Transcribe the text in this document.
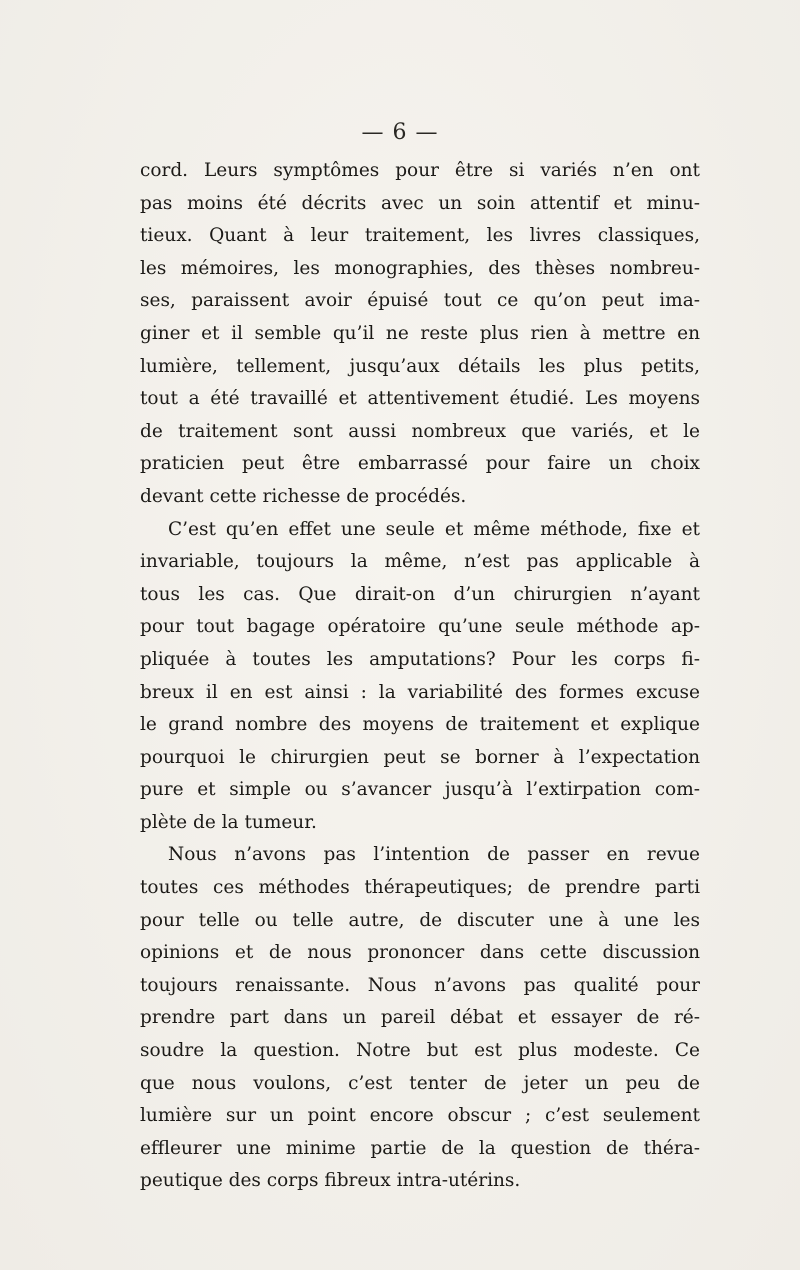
— 6 —
cord. Leurs symptômes pour être si variés n’en ont
pas moins été décrits avec un soin attentif et minu-
tieux. Quant à leur traitement, les livres classiques,
les mémoires, les monographies, des thèses nombreu-
ses, paraissent avoir épuisé tout ce qu’on peut ima-
giner et il semble qu’il ne reste plus rien à mettre en
lumière, tellement, jusqu’aux détails les plus petits,
tout a été travaillé et attentivement étudié. Les moyens
de traitement sont aussi nombreux que variés, et le
praticien peut être embarrassé pour faire un choix
devant cette richesse de procédés.
C’est qu’en effet une seule et même méthode, fixe et
invariable, toujours la même, n’est pas applicable à
tous les cas. Que dirait-on d’un chirurgien n’ayant
pour tout bagage opératoire qu’une seule méthode ap-
pliquée à toutes les amputations? Pour les corps fi-
breux il en est ainsi : la variabilité des formes excuse
le grand nombre des moyens de traitement et explique
pourquoi le chirurgien peut se borner à l’expectation
pure et simple ou s’avancer jusqu’à l’extirpation com-
plète de la tumeur.
Nous n’avons pas l’intention de passer en revue
toutes ces méthodes thérapeutiques; de prendre parti
pour telle ou telle autre, de discuter une à une les
opinions et de nous prononcer dans cette discussion
toujours renaissante. Nous n’avons pas qualité pour
prendre part dans un pareil débat et essayer de ré-
soudre la question. Notre but est plus modeste. Ce
que nous voulons, c’est tenter de jeter un peu de
lumière sur un point encore obscur ; c’est seulement
effleurer une minime partie de la question de théra-
peutique des corps fibreux intra-utérins.
